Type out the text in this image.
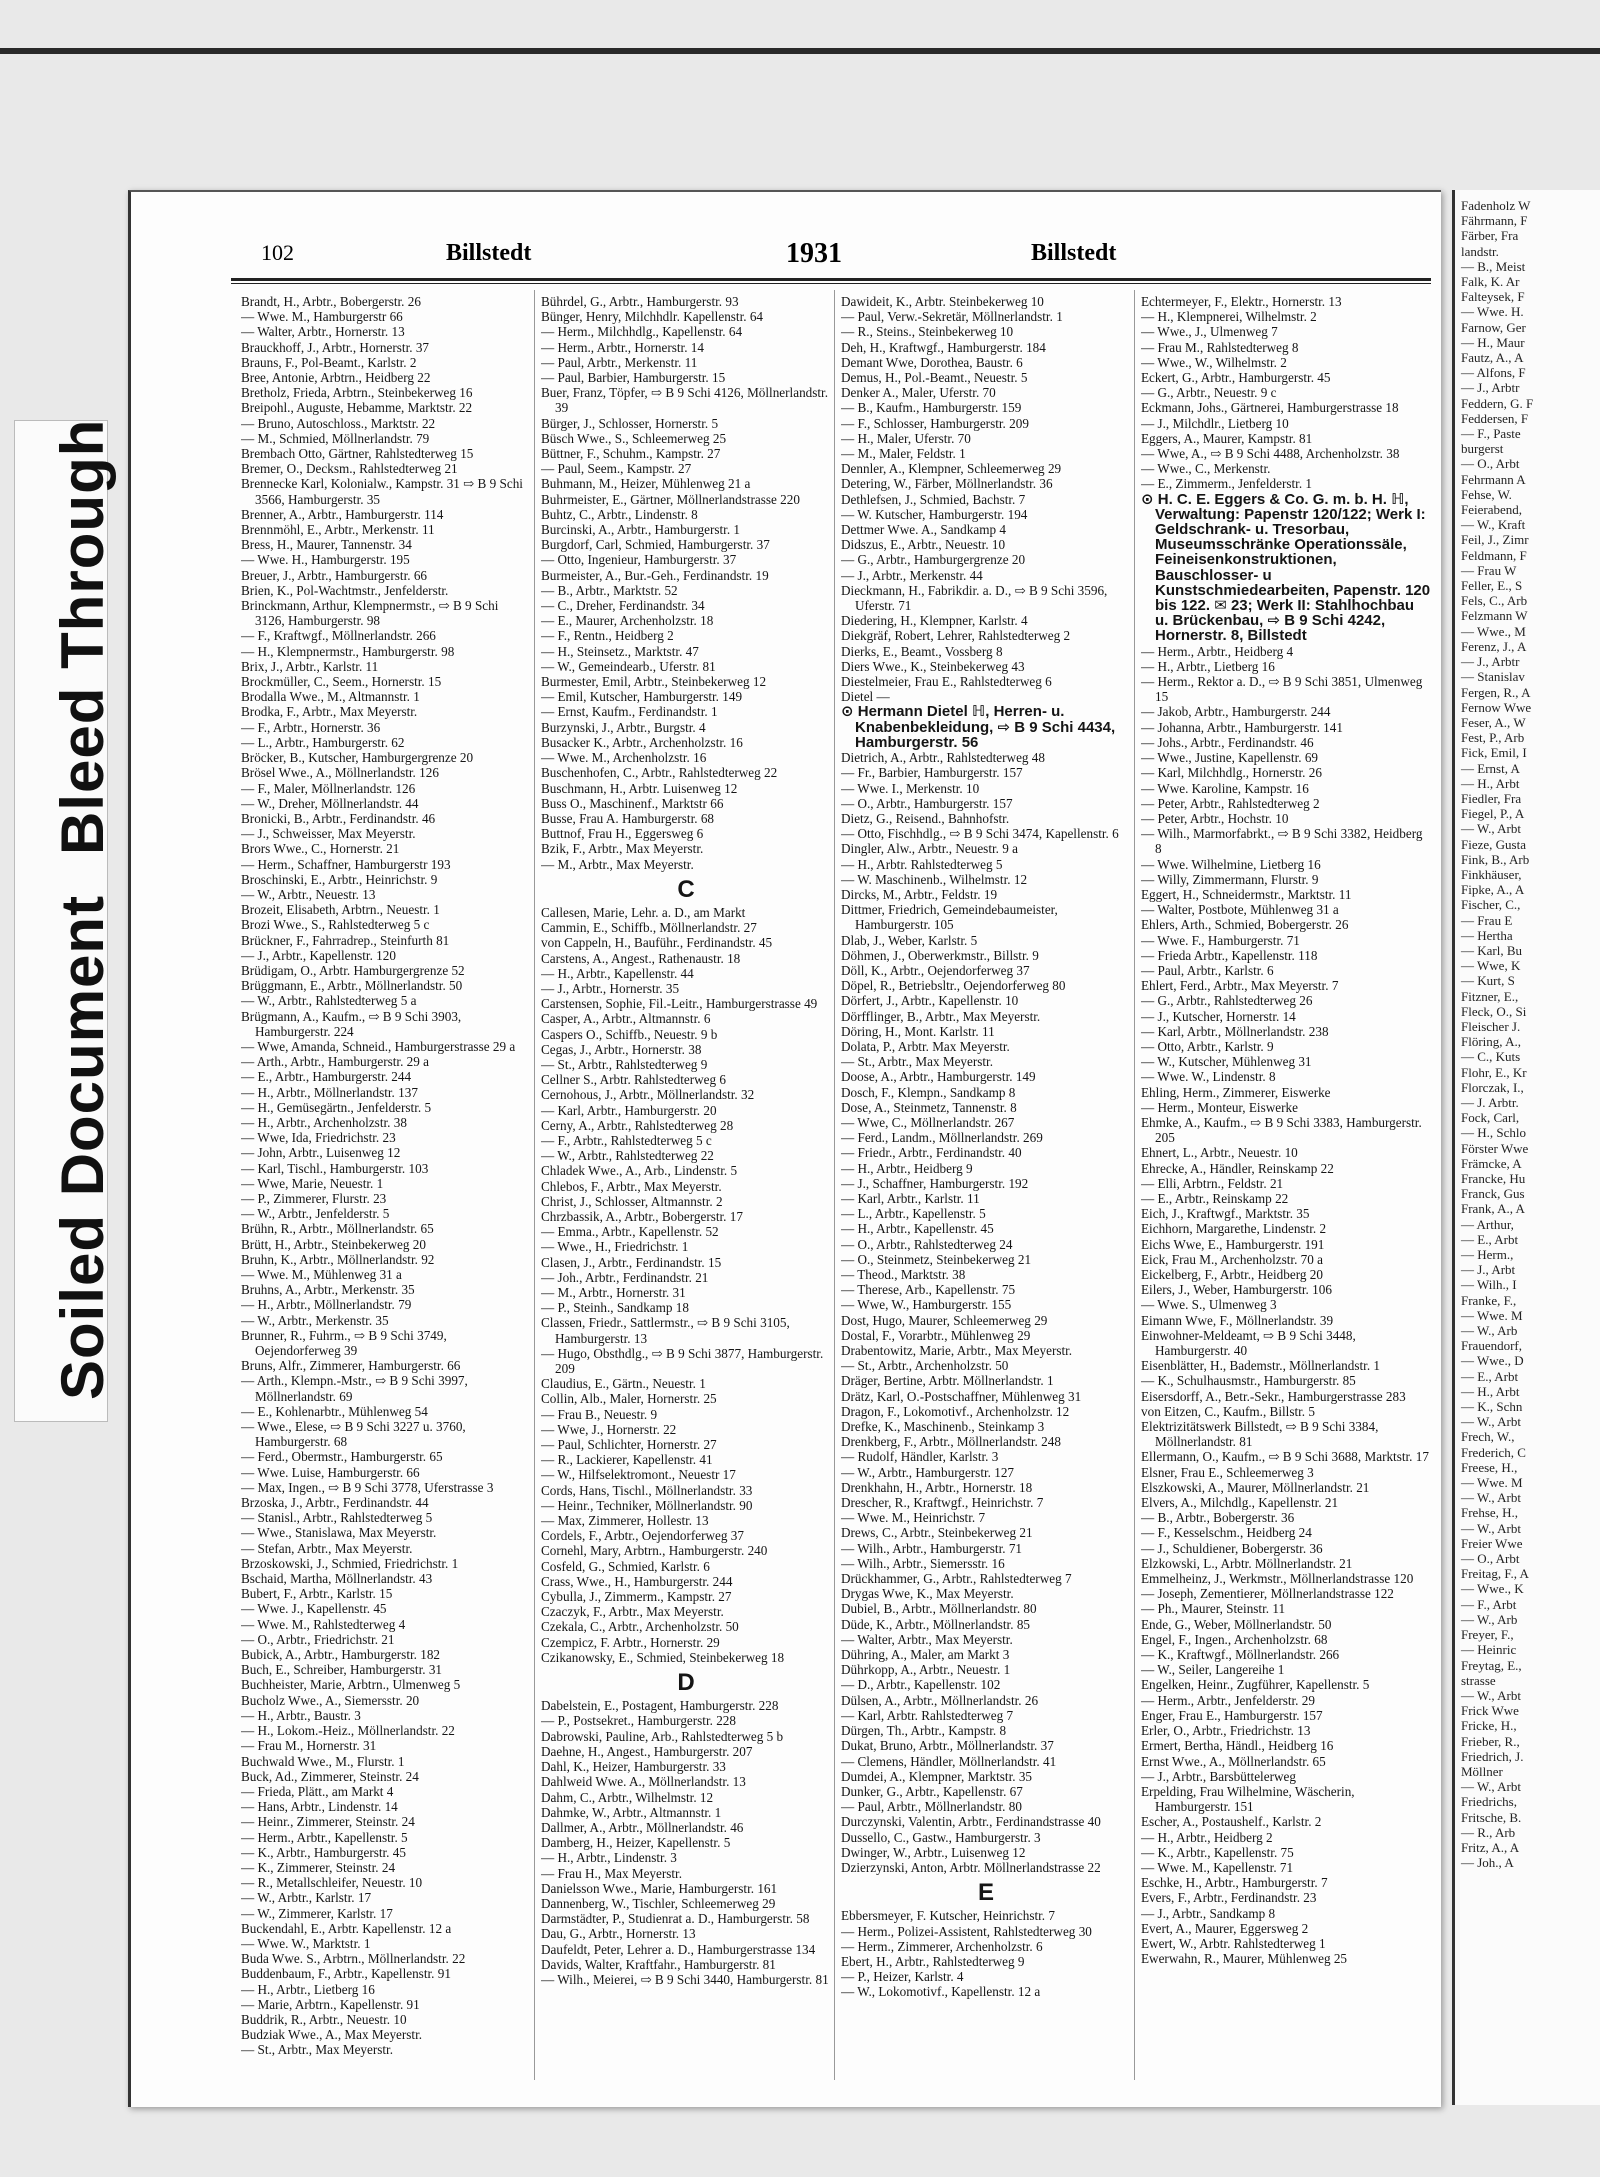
Soiled DocumentBleed Through
102	Billstedt	1931	Billstedt

Brandt, H., Arbtr., Bobergerstr. 26

— Wwe. M., Hamburgerstr 66

— Walter, Arbtr., Hornerstr. 13

Brauckhoff, J., Arbtr., Hornerstr. 37

Brauns, F., Pol-Beamt., Karlstr. 2

Bree, Antonie, Arbtrn., Heidberg 22

Bretholz, Frieda, Arbtrn., Steinbekerweg 16

Breipohl., Auguste, Hebamme, Marktstr. 22

— Bruno, Autoschloss., Marktstr. 22

— M., Schmied, Möllnerlandstr. 79

Brembach Otto, Gärtner, Rahlstedterweg 15

Bremer, O., Decksm., Rahlstedterweg 21

Brennecke Karl, Kolonialw., Kampstr. 31 ⇨ B 9 Schi 3566, Hamburgerstr. 35

Brenner, A., Arbtr., Hamburgerstr. 114

Brennmöhl, E., Arbtr., Merkenstr. 11

Bress, H., Maurer, Tannenstr. 34

— Wwe. H., Hamburgerstr. 195

Breuer, J., Arbtr., Hamburgerstr. 66

Brien, K., Pol-Wachtmstr., Jenfelderstr.

Brinckmann, Arthur, Klempnermstr., ⇨ B 9 Schi 3126, Hamburgerstr. 98

— F., Kraftwgf., Möllnerlandstr. 266

— H., Klempnermstr., Hamburgerstr. 98

Brix, J., Arbtr., Karlstr. 11

Brockmüller, C., Seem., Hornerstr. 15

Brodalla Wwe., M., Altmannstr. 1

Brodka, F., Arbtr., Max Meyerstr.

— F., Arbtr., Hornerstr. 36

— L., Arbtr., Hamburgerstr. 62

Bröcker, B., Kutscher, Hamburgergrenze 20

Brösel Wwe., A., Möllnerlandstr. 126

— F., Maler, Möllnerlandstr. 126

— W., Dreher, Möllnerlandstr. 44

Bronicki, B., Arbtr., Ferdinandstr. 46

— J., Schweisser, Max Meyerstr.

Brors Wwe., C., Hornerstr. 21

— Herm., Schaffner, Hamburgerstr 193

Broschinski, E., Arbtr., Heinrichstr. 9

— W., Arbtr., Neuestr. 13

Brozeit, Elisabeth, Arbtrn., Neuestr. 1

Brozi Wwe., S., Rahlstedterweg 5 c

Brückner, F., Fahrradrep., Steinfurth 81

— J., Arbtr., Kapellenstr. 120

Brüdigam, O., Arbtr. Hamburgergrenze 52

Brüggmann, E., Arbtr., Möllnerlandstr. 50

— W., Arbtr., Rahlstedterweg 5 a

Brügmann, A., Kaufm., ⇨ B 9 Schi 3903, Hamburgerstr. 224

— Wwe, Amanda, Schneid., Hamburgerstrasse 29 a

— Arth., Arbtr., Hamburgerstr. 29 a

— E., Arbtr., Hamburgerstr. 244

— H., Arbtr., Möllnerlandstr. 137

— H., Gemüsegärtn., Jenfelderstr. 5

— H., Arbtr., Archenholzstr. 38

— Wwe, Ida, Friedrichstr. 23

— John, Arbtr., Luisenweg 12

— Karl, Tischl., Hamburgerstr. 103

— Wwe, Marie, Neuestr. 1

— P., Zimmerer, Flurstr. 23

— W., Arbtr., Jenfelderstr. 5

Brühn, R., Arbtr., Möllnerlandstr. 65

Brütt, H., Arbtr., Steinbekerweg 20

Bruhn, K., Arbtr., Möllnerlandstr. 92

— Wwe. M., Mühlenweg 31 a

Bruhns, A., Arbtr., Merkenstr. 35

— H., Arbtr., Möllnerlandstr. 79

— W., Arbtr., Merkenstr. 35

Brunner, R., Fuhrm., ⇨ B 9 Schi 3749, Oejendorferweg 39

Bruns, Alfr., Zimmerer, Hamburgerstr. 66

— Arth., Klempn.-Mstr., ⇨ B 9 Schi 3997, Möllnerlandstr. 69

— E., Kohlenarbtr., Mühlenweg 54

— Wwe., Elese, ⇨ B 9 Schi 3227 u. 3760, Hamburgerstr. 68

— Ferd., Obermstr., Hamburgerstr. 65

— Wwe. Luise, Hamburgerstr. 66

— Max, Ingen., ⇨ B 9 Schi 3778, Uferstrasse 3

Brzoska, J., Arbtr., Ferdinandstr. 44

— Stanisl., Arbtr., Rahlstedterweg 5

— Wwe., Stanislawa, Max Meyerstr.

— Stefan, Arbtr., Max Meyerstr.

Brzoskowski, J., Schmied, Friedrichstr. 1

Bschaid, Martha, Möllnerlandstr. 43

Bubert, F., Arbtr., Karlstr. 15

— Wwe. J., Kapellenstr. 45

— Wwe. M., Rahlstedterweg 4

— O., Arbtr., Friedrichstr. 21

Bubick, A., Arbtr., Hamburgerstr. 182

Buch, E., Schreiber, Hamburgerstr. 31

Buchheister, Marie, Arbtrn., Ulmenweg 5

Bucholz Wwe., A., Siemersstr. 20

— H., Arbtr., Baustr. 3

— H., Lokom.-Heiz., Möllnerlandstr. 22

— Frau M., Hornerstr. 31

Buchwald Wwe., M., Flurstr. 1

Buck, Ad., Zimmerer, Steinstr. 24

— Frieda, Plätt., am Markt 4

— Hans, Arbtr., Lindenstr. 14

— Heinr., Zimmerer, Steinstr. 24

— Herm., Arbtr., Kapellenstr. 5

— K., Arbtr., Hamburgerstr. 45

— K., Zimmerer, Steinstr. 24

— R., Metallschleifer, Neuestr. 10

— W., Arbtr., Karlstr. 17

— W., Zimmerer, Karlstr. 17

Buckendahl, E., Arbtr. Kapellenstr. 12 a

— Wwe. W., Marktstr. 1

Buda Wwe. S., Arbtrn., Möllnerlandstr. 22

Buddenbaum, F., Arbtr., Kapellenstr. 91

— H., Arbtr., Lietberg 16

— Marie, Arbtrn., Kapellenstr. 91

Buddrik, R., Arbtr., Neuestr. 10

Budziak Wwe., A., Max Meyerstr.

— St., Arbtr., Max Meyerstr.

Bührdel, G., Arbtr., Hamburgerstr. 93

Bünger, Henry, Milchhdlr. Kapellenstr. 64

— Herm., Milchhdlg., Kapellenstr. 64

— Herm., Arbtr., Hornerstr. 14

— Paul, Arbtr., Merkenstr. 11

— Paul, Barbier, Hamburgerstr. 15

Buer, Franz, Töpfer, ⇨ B 9 Schi 4126, Möllnerlandstr. 39

Bürger, J., Schlosser, Hornerstr. 5

Büsch Wwe., S., Schleemerweg 25

Büttner, F., Schuhm., Kampstr. 27

— Paul, Seem., Kampstr. 27

Buhmann, M., Heizer, Mühlenweg 21 a

Buhrmeister, E., Gärtner, Möllnerlandstrasse 220

Buhtz, C., Arbtr., Lindenstr. 8

Burcinski, A., Arbtr., Hamburgerstr. 1

Burgdorf, Carl, Schmied, Hamburgerstr. 37

— Otto, Ingenieur, Hamburgerstr. 37

Burmeister, A., Bur.-Geh., Ferdinandstr. 19

— B., Arbtr., Marktstr. 52

— C., Dreher, Ferdinandstr. 34

— E., Maurer, Archenholzstr. 18

— F., Rentn., Heidberg 2

— H., Steinsetz., Marktstr. 47

— W., Gemeindearb., Uferstr. 81

Burmester, Emil, Arbtr., Steinbekerweg 12

— Emil, Kutscher, Hamburgerstr. 149

— Ernst, Kaufm., Ferdinandstr. 1

Burzynski, J., Arbtr., Burgstr. 4

Busacker K., Arbtr., Archenholzstr. 16

— Wwe. M., Archenholzstr. 16

Buschenhofen, C., Arbtr., Rahlstedterweg 22

Buschmann, H., Arbtr. Luisenweg 12

Buss O., Maschinenf., Marktstr 66

Busse, Frau A. Hamburgerstr. 68

Buttnof, Frau H., Eggersweg 6

Bzik, F., Arbtr., Max Meyerstr.

— M., Arbtr., Max Meyerstr.

C

Callesen, Marie, Lehr. a. D., am Markt

Cammin, E., Schiffb., Möllnerlandstr. 27

von Cappeln, H., Bauführ., Ferdinandstr. 45

Carstens, A., Angest., Rathenaustr. 18

— H., Arbtr., Kapellenstr. 44

— J., Arbtr., Hornerstr. 35

Carstensen, Sophie, Fil.-Leitr., Hamburgerstrasse 49

Casper, A., Arbtr., Altmannstr. 6

Caspers O., Schiffb., Neuestr. 9 b

Cegas, J., Arbtr., Hornerstr. 38

— St., Arbtr., Rahlstedterweg 9

Cellner S., Arbtr. Rahlstedterweg 6

Cernohous, J., Arbtr., Möllnerlandstr. 32

— Karl, Arbtr., Hamburgerstr. 20

Cerny, A., Arbtr., Rahlstedterweg 28

— F., Arbtr., Rahlstedterweg 5 c

— W., Arbtr., Rahlstedterweg 22

Chladek Wwe., A., Arb., Lindenstr. 5

Chlebos, F., Arbtr., Max Meyerstr.

Christ, J., Schlosser, Altmannstr. 2

Chrzbassik, A., Arbtr., Bobergerstr. 17

— Emma., Arbtr., Kapellenstr. 52

— Wwe., H., Friedrichstr. 1

Clasen, J., Arbtr., Ferdinandstr. 15

— Joh., Arbtr., Ferdinandstr. 21

— M., Arbtr., Hornerstr. 31

— P., Steinh., Sandkamp 18

Classen, Friedr., Sattlermstr., ⇨ B 9 Schi 3105, Hamburgerstr. 13

— Hugo, Obsthdlg., ⇨ B 9 Schi 3877, Hamburgerstr. 209

Claudius, E., Gärtn., Neuestr. 1

Collin, Alb., Maler, Hornerstr. 25

— Frau B., Neuestr. 9

— Wwe, J., Hornerstr. 22

— Paul, Schlichter, Hornerstr. 27

— R., Lackierer, Kapellenstr. 41

— W., Hilfselektromont., Neuestr 17

Cords, Hans, Tischl., Möllnerlandstr. 33

— Heinr., Techniker, Möllnerlandstr. 90

— Max, Zimmerer, Hollestr. 13

Cordels, F., Arbtr., Oejendorferweg 37

Cornehl, Mary, Arbtrn., Hamburgerstr. 240

Cosfeld, G., Schmied, Karlstr. 6

Crass, Wwe., H., Hamburgerstr. 244

Cybulla, J., Zimmerm., Kampstr. 27

Czaczyk, F., Arbtr., Max Meyerstr.

Czekala, C., Arbtr., Archenholzstr. 50

Czempicz, F. Arbtr., Hornerstr. 29

Czikanowsky, E., Schmied, Steinbekerweg 18

D

Dabelstein, E., Postagent, Hamburgerstr. 228

— P., Postsekret., Hamburgerstr. 228

Dabrowski, Pauline, Arb., Rahlstedterweg 5 b

Daehne, H., Angest., Hamburgerstr. 207

Dahl, K., Heizer, Hamburgerstr. 33

Dahlweid Wwe. A., Möllnerlandstr. 13

Dahm, C., Arbtr., Wilhelmstr. 12

Dahmke, W., Arbtr., Altmannstr. 1

Dallmer, A., Arbtr., Möllnerlandstr. 46

Damberg, H., Heizer, Kapellenstr. 5

— H., Arbtr., Lindenstr. 3

— Frau H., Max Meyerstr.

Danielsson Wwe., Marie, Hamburgerstr. 161

Dannenberg, W., Tischler, Schleemerweg 29

Darmstädter, P., Studienrat a. D., Hamburgerstr. 58

Dau, G., Arbtr., Hornerstr. 13

Daufeldt, Peter, Lehrer a. D., Hamburgerstrasse 134

Davids, Walter, Kraftfahr., Hamburgerstr. 81

— Wilh., Meierei, ⇨ B 9 Schi 3440, Hamburgerstr. 81

Dawideit, K., Arbtr. Steinbekerweg 10

— Paul, Verw.-Sekretär, Möllnerlandstr. 1

— R., Steins., Steinbekerweg 10

Deh, H., Kraftwgf., Hamburgerstr. 184

Demant Wwe, Dorothea, Baustr. 6

Demus, H., Pol.-Beamt., Neuestr. 5

Denker A., Maler, Uferstr. 70

— B., Kaufm., Hamburgerstr. 159

— F., Schlosser, Hamburgerstr. 209

— H., Maler, Uferstr. 70

— M., Maler, Feldstr. 1

Dennler, A., Klempner, Schleemerweg 29

Detering, W., Färber, Möllnerlandstr. 36

Dethlefsen, J., Schmied, Bachstr. 7

— W. Kutscher, Hamburgerstr. 194

Dettmer Wwe. A., Sandkamp 4

Didszus, E., Arbtr., Neuestr. 10

— G., Arbtr., Hamburgergrenze 20

— J., Arbtr., Merkenstr. 44

Dieckmann, H., Fabrikdir. a. D., ⇨ B 9 Schi 3596, Uferstr. 71

Diedering, H., Klempner, Karlstr. 4

Diekgräf, Robert, Lehrer, Rahlstedterweg 2

Dierks, E., Beamt., Vossberg 8

Diers Wwe., K., Steinbekerweg 43

Diestelmeier, Frau E., Rahlstedterweg 6

Dietel —

⊙ Hermann Dietel ℍ, Herren- u. Knabenbekleidung, ⇨ B 9 Schi 4434, Hamburgerstr. 56

Dietrich, A., Arbtr., Rahlstedterweg 48

— Fr., Barbier, Hamburgerstr. 157

— Wwe. I., Merkenstr. 10

— O., Arbtr., Hamburgerstr. 157

Dietz, G., Reisend., Bahnhofstr.

— Otto, Fischhdlg., ⇨ B 9 Schi 3474, Kapellenstr. 6

Dingler, Alw., Arbtr., Neuestr. 9 a

— H., Arbtr. Rahlstedterweg 5

— W. Maschinenb., Wilhelmstr. 12

Dircks, M., Arbtr., Feldstr. 19

Dittmer, Friedrich, Gemeindebaumeister, Hamburgerstr. 105

Dlab, J., Weber, Karlstr. 5

Döhmen, J., Oberwerkmstr., Billstr. 9

Döll, K., Arbtr., Oejendorferweg 37

Döpel, R., Betriebsltr., Oejendorferweg 80

Dörfert, J., Arbtr., Kapellenstr. 10

Dörfflinger, B., Arbtr., Max Meyerstr.

Döring, H., Mont. Karlstr. 11

Dolata, P., Arbtr. Max Meyerstr.

— St., Arbtr., Max Meyerstr.

Doose, A., Arbtr., Hamburgerstr. 149

Dosch, F., Klempn., Sandkamp 8

Dose, A., Steinmetz, Tannenstr. 8

— Wwe, C., Möllnerlandstr. 267

— Ferd., Landm., Möllnerlandstr. 269

— Friedr., Arbtr., Ferdinandstr. 40

— H., Arbtr., Heidberg 9

— J., Schaffner, Hamburgerstr. 192

— Karl, Arbtr., Karlstr. 11

— L., Arbtr., Kapellenstr. 5

— H., Arbtr., Kapellenstr. 45

— O., Arbtr., Rahlstedterweg 24

— O., Steinmetz, Steinbekerweg 21

— Theod., Marktstr. 38

— Therese, Arb., Kapellenstr. 75

— Wwe, W., Hamburgerstr. 155

Dost, Hugo, Maurer, Schleemerweg 29

Dostal, F., Vorarbtr., Mühlenweg 29

Drabentowitz, Marie, Arbtr., Max Meyerstr.

— St., Arbtr., Archenholzstr. 50

Dräger, Bertine, Arbtr. Möllnerlandstr. 1

Drätz, Karl, O.-Postschaffner, Mühlenweg 31

Dragon, F., Lokomotivf., Archenholzstr. 12

Drefke, K., Maschinenb., Steinkamp 3

Drenkberg, F., Arbtr., Möllnerlandstr. 248

— Rudolf, Händler, Karlstr. 3

— W., Arbtr., Hamburgerstr. 127

Drenkhahn, H., Arbtr., Hornerstr. 18

Drescher, R., Kraftwgf., Heinrichstr. 7

— Wwe. M., Heinrichstr. 7

Drews, C., Arbtr., Steinbekerweg 21

— Wilh., Arbtr., Hamburgerstr. 71

— Wilh., Arbtr., Siemersstr. 16

Drückhammer, G., Arbtr., Rahlstedterweg 7

Drygas Wwe, K., Max Meyerstr.

Dubiel, B., Arbtr., Möllnerlandstr. 80

Düde, K., Arbtr., Möllnerlandstr. 85

— Walter, Arbtr., Max Meyerstr.

Dühring, A., Maler, am Markt 3

Dührkopp, A., Arbtr., Neuestr. 1

— D., Arbtr., Kapellenstr. 102

Dülsen, A., Arbtr., Möllnerlandstr. 26

— Karl, Arbtr. Rahlstedterweg 7

Dürgen, Th., Arbtr., Kampstr. 8

Dukat, Bruno, Arbtr., Möllnerlandstr. 37

— Clemens, Händler, Möllnerlandstr. 41

Dumdei, A., Klempner, Marktstr. 35

Dunker, G., Arbtr., Kapellenstr. 67

— Paul, Arbtr., Möllnerlandstr. 80

Durczynski, Valentin, Arbtr., Ferdinandstrasse 40

Dussello, C., Gastw., Hamburgerstr. 3

Dwinger, W., Arbtr., Luisenweg 12

Dzierzynski, Anton, Arbtr. Möllnerlandstrasse 22

E

Ebbersmeyer, F. Kutscher, Heinrichstr. 7

— Herm., Polizei-Assistent, Rahlstedterweg 30

— Herm., Zimmerer, Archenholzstr. 6

Ebert, H., Arbtr., Rahlstedterweg 9

— P., Heizer, Karlstr. 4

— W., Lokomotivf., Kapellenstr. 12 a

Echtermeyer, F., Elektr., Hornerstr. 13

— H., Klempnerei, Wilhelmstr. 2

— Wwe., J., Ulmenweg 7

— Frau M., Rahlstedterweg 8

— Wwe., W., Wilhelmstr. 2

Eckert, G., Arbtr., Hamburgerstr. 45

— G., Arbtr., Neuestr. 9 c

Eckmann, Johs., Gärtnerei, Hamburgerstrasse 18

— J., Milchdlr., Lietberg 10

Eggers, A., Maurer, Kampstr. 81

— Wwe, A., ⇨ B 9 Schi 4488, Archenholzstr. 38

— Wwe., C., Merkenstr.

— E., Zimmerm., Jenfelderstr. 1

⊙ H. C. E. Eggers & Co. G. m. b. H. ℍ, Verwaltung: Papenstr 120/122; Werk I: Geldschrank- u. Tresorbau, Museumsschränke Operationssäle, Feineisenkonstruktionen, Bauschlosser- u Kunstschmiedearbeiten, Papenstr. 120 bis 122. ✉ 23; Werk II: Stahlhochbau u. Brückenbau, ⇨ B 9 Schi 4242, Hornerstr. 8, Billstedt

— Herm., Arbtr., Heidberg 4

— H., Arbtr., Lietberg 16

— Herm., Rektor a. D., ⇨ B 9 Schi 3851, Ulmenweg 15

— Jakob, Arbtr., Hamburgerstr. 244

— Johanna, Arbtr., Hamburgerstr. 141

— Johs., Arbtr., Ferdinandstr. 46

— Wwe., Justine, Kapellenstr. 69

— Karl, Milchhdlg., Hornerstr. 26

— Wwe. Karoline, Kampstr. 16

— Peter, Arbtr., Rahlstedterweg 2

— Peter, Arbtr., Hochstr. 10

— Wilh., Marmorfabrkt., ⇨ B 9 Schi 3382, Heidberg 8

— Wwe. Wilhelmine, Lietberg 16

— Willy, Zimmermann, Flurstr. 9

Eggert, H., Schneidermstr., Marktstr. 11

— Walter, Postbote, Mühlenweg 31 a

Ehlers, Arth., Schmied, Bobergerstr. 26

— Wwe. F., Hamburgerstr. 71

— Frieda Arbtr., Kapellenstr. 118

— Paul, Arbtr., Karlstr. 6

Ehlert, Ferd., Arbtr., Max Meyerstr. 7

— G., Arbtr., Rahlstedterweg 26

— J., Kutscher, Hornerstr. 14

— Karl, Arbtr., Möllnerlandstr. 238

— Otto, Arbtr., Karlstr. 9

— W., Kutscher, Mühlenweg 31

— Wwe. W., Lindenstr. 8

Ehling, Herm., Zimmerer, Eiswerke

— Herm., Monteur, Eiswerke

Ehmke, A., Kaufm., ⇨ B 9 Schi 3383, Hamburgerstr. 205

Ehnert, L., Arbtr., Neuestr. 10

Ehrecke, A., Händler, Reinskamp 22

— Elli, Arbtrn., Feldstr. 21

— E., Arbtr., Reinskamp 22

Eich, J., Kraftwgf., Marktstr. 35

Eichhorn, Margarethe, Lindenstr. 2

Eichs Wwe, E., Hamburgerstr. 191

Eick, Frau M., Archenholzstr. 70 a

Eickelberg, F., Arbtr., Heidberg 20

Eilers, J., Weber, Hamburgerstr. 106

— Wwe. S., Ulmenweg 3

Eimann Wwe, F., Möllnerlandstr. 39

Einwohner-Meldeamt, ⇨ B 9 Schi 3448, Hamburgerstr. 40

Eisenblätter, H., Bademstr., Möllnerlandstr. 1

— K., Schulhausmstr., Hamburgerstr. 85

Eisersdorff, A., Betr.-Sekr., Hamburgerstrasse 283

von Eitzen, C., Kaufm., Billstr. 5

Elektrizitätswerk Billstedt, ⇨ B 9 Schi 3384, Möllnerlandstr. 81

Ellermann, O., Kaufm., ⇨ B 9 Schi 3688, Marktstr. 17

Elsner, Frau E., Schleemerweg 3

Elszkowski, A., Maurer, Möllnerlandstr. 21

Elvers, A., Milchdlg., Kapellenstr. 21

— B., Arbtr., Bobergerstr. 36

— F., Kesselschm., Heidberg 24

— J., Schuldiener, Bobergerstr. 36

Elzkowski, L., Arbtr. Möllnerlandstr. 21

Emmelheinz, J., Werkmstr., Möllnerlandstrasse 120

— Joseph, Zementierer, Möllnerlandstrasse 122

— Ph., Maurer, Steinstr. 11

Ende, G., Weber, Möllnerlandstr. 50

Engel, F., Ingen., Archenholzstr. 68

— K., Kraftwgf., Möllnerlandstr. 266

— W., Seiler, Langereihe 1

Engelken, Heinr., Zugführer, Kapellenstr. 5

— Herm., Arbtr., Jenfelderstr. 29

Enger, Frau E., Hamburgerstr. 157

Erler, O., Arbtr., Friedrichstr. 13

Ermert, Bertha, Händl., Heidberg 16

Ernst Wwe., A., Möllnerlandstr. 65

— J., Arbtr., Barsbüttelerweg

Erpelding, Frau Wilhelmine, Wäscherin, Hamburgerstr. 151

Escher, A., Postaushelf., Karlstr. 2

— H., Arbtr., Heidberg 2

— K., Arbtr., Kapellenstr. 75

— Wwe. M., Kapellenstr. 71

Eschke, H., Arbtr., Hamburgerstr. 7

Evers, F., Arbtr., Ferdinandstr. 23

— J., Arbtr., Sandkamp 8

Evert, A., Maurer, Eggersweg 2

Ewert, W., Arbtr. Rahlstedterweg 1

Ewerwahn, R., Maurer, Mühlenweg 25

Fadenholz W

Fährmann, F

Färber, Fra

landstr.

— B., Meist

Falk, K. Ar

Falteysek, F

— Wwe. H.

Farnow, Ger

— H., Maur

Fautz, A., A

— Alfons, F

— J., Arbtr

Feddern, G. F

Feddersen, F

— F., Paste

burgerst

— O., Arbt

Fehrmann A

Fehse, W.

Feierabend,

— W., Kraft

Feil, J., Zimr

Feldmann, F

— Frau W

Feller, E., S

Fels, C., Arb

Felzmann W

— Wwe., M

Ferenz, J., A

— J., Arbtr

— Stanislav

Fergen, R., A

Fernow Wwe

Feser, A., W

Fest, P., Arb

Fick, Emil, I

— Ernst, A

— H., Arbt

Fiedler, Fra

Fiegel, P., A

— W., Arbt

Fieze, Gusta

Fink, B., Arb

Finkhäuser,

Fipke, A., A

Fischer, C.,

— Frau E

— Hertha

— Karl, Bu

— Wwe, K

— Kurt, S

Fitzner, E.,

Fleck, O., Si

Fleischer J.

Flöring, A.,

— C., Kuts

Flohr, E., Kr

Florczak, I.,

— J. Arbtr.

Fock, Carl,

— H., Schlo

Förster Wwe

Främcke, A

Francke, Hu

Franck, Gus

Frank, A., A

— Arthur,

— E., Arbt

— Herm.,

— J., Arbt

— Wilh., I

Franke, F.,

— Wwe. M

— W., Arb

Frauendorf,

— Wwe., D

— E., Arbt

— H., Arbt

— K., Schn

— W., Arbt

Frech, W.,

Frederich, C

Freese, H.,

— Wwe. M

— W., Arbt

Frehse, H.,

— W., Arbt

Freier Wwe

— O., Arbt

Freitag, F., A

— Wwe., K

— F., Arbt

— W., Arb

Freyer, F.,

— Heinric

Freytag, E.,

strasse

— W., Arbt

Frick Wwe

Fricke, H.,

Frieber, R.,

Friedrich, J.

Möllner

— W., Arbt

Friedrichs,

Fritsche, B.

— R., Arb

Fritz, A., A

— Joh., A
